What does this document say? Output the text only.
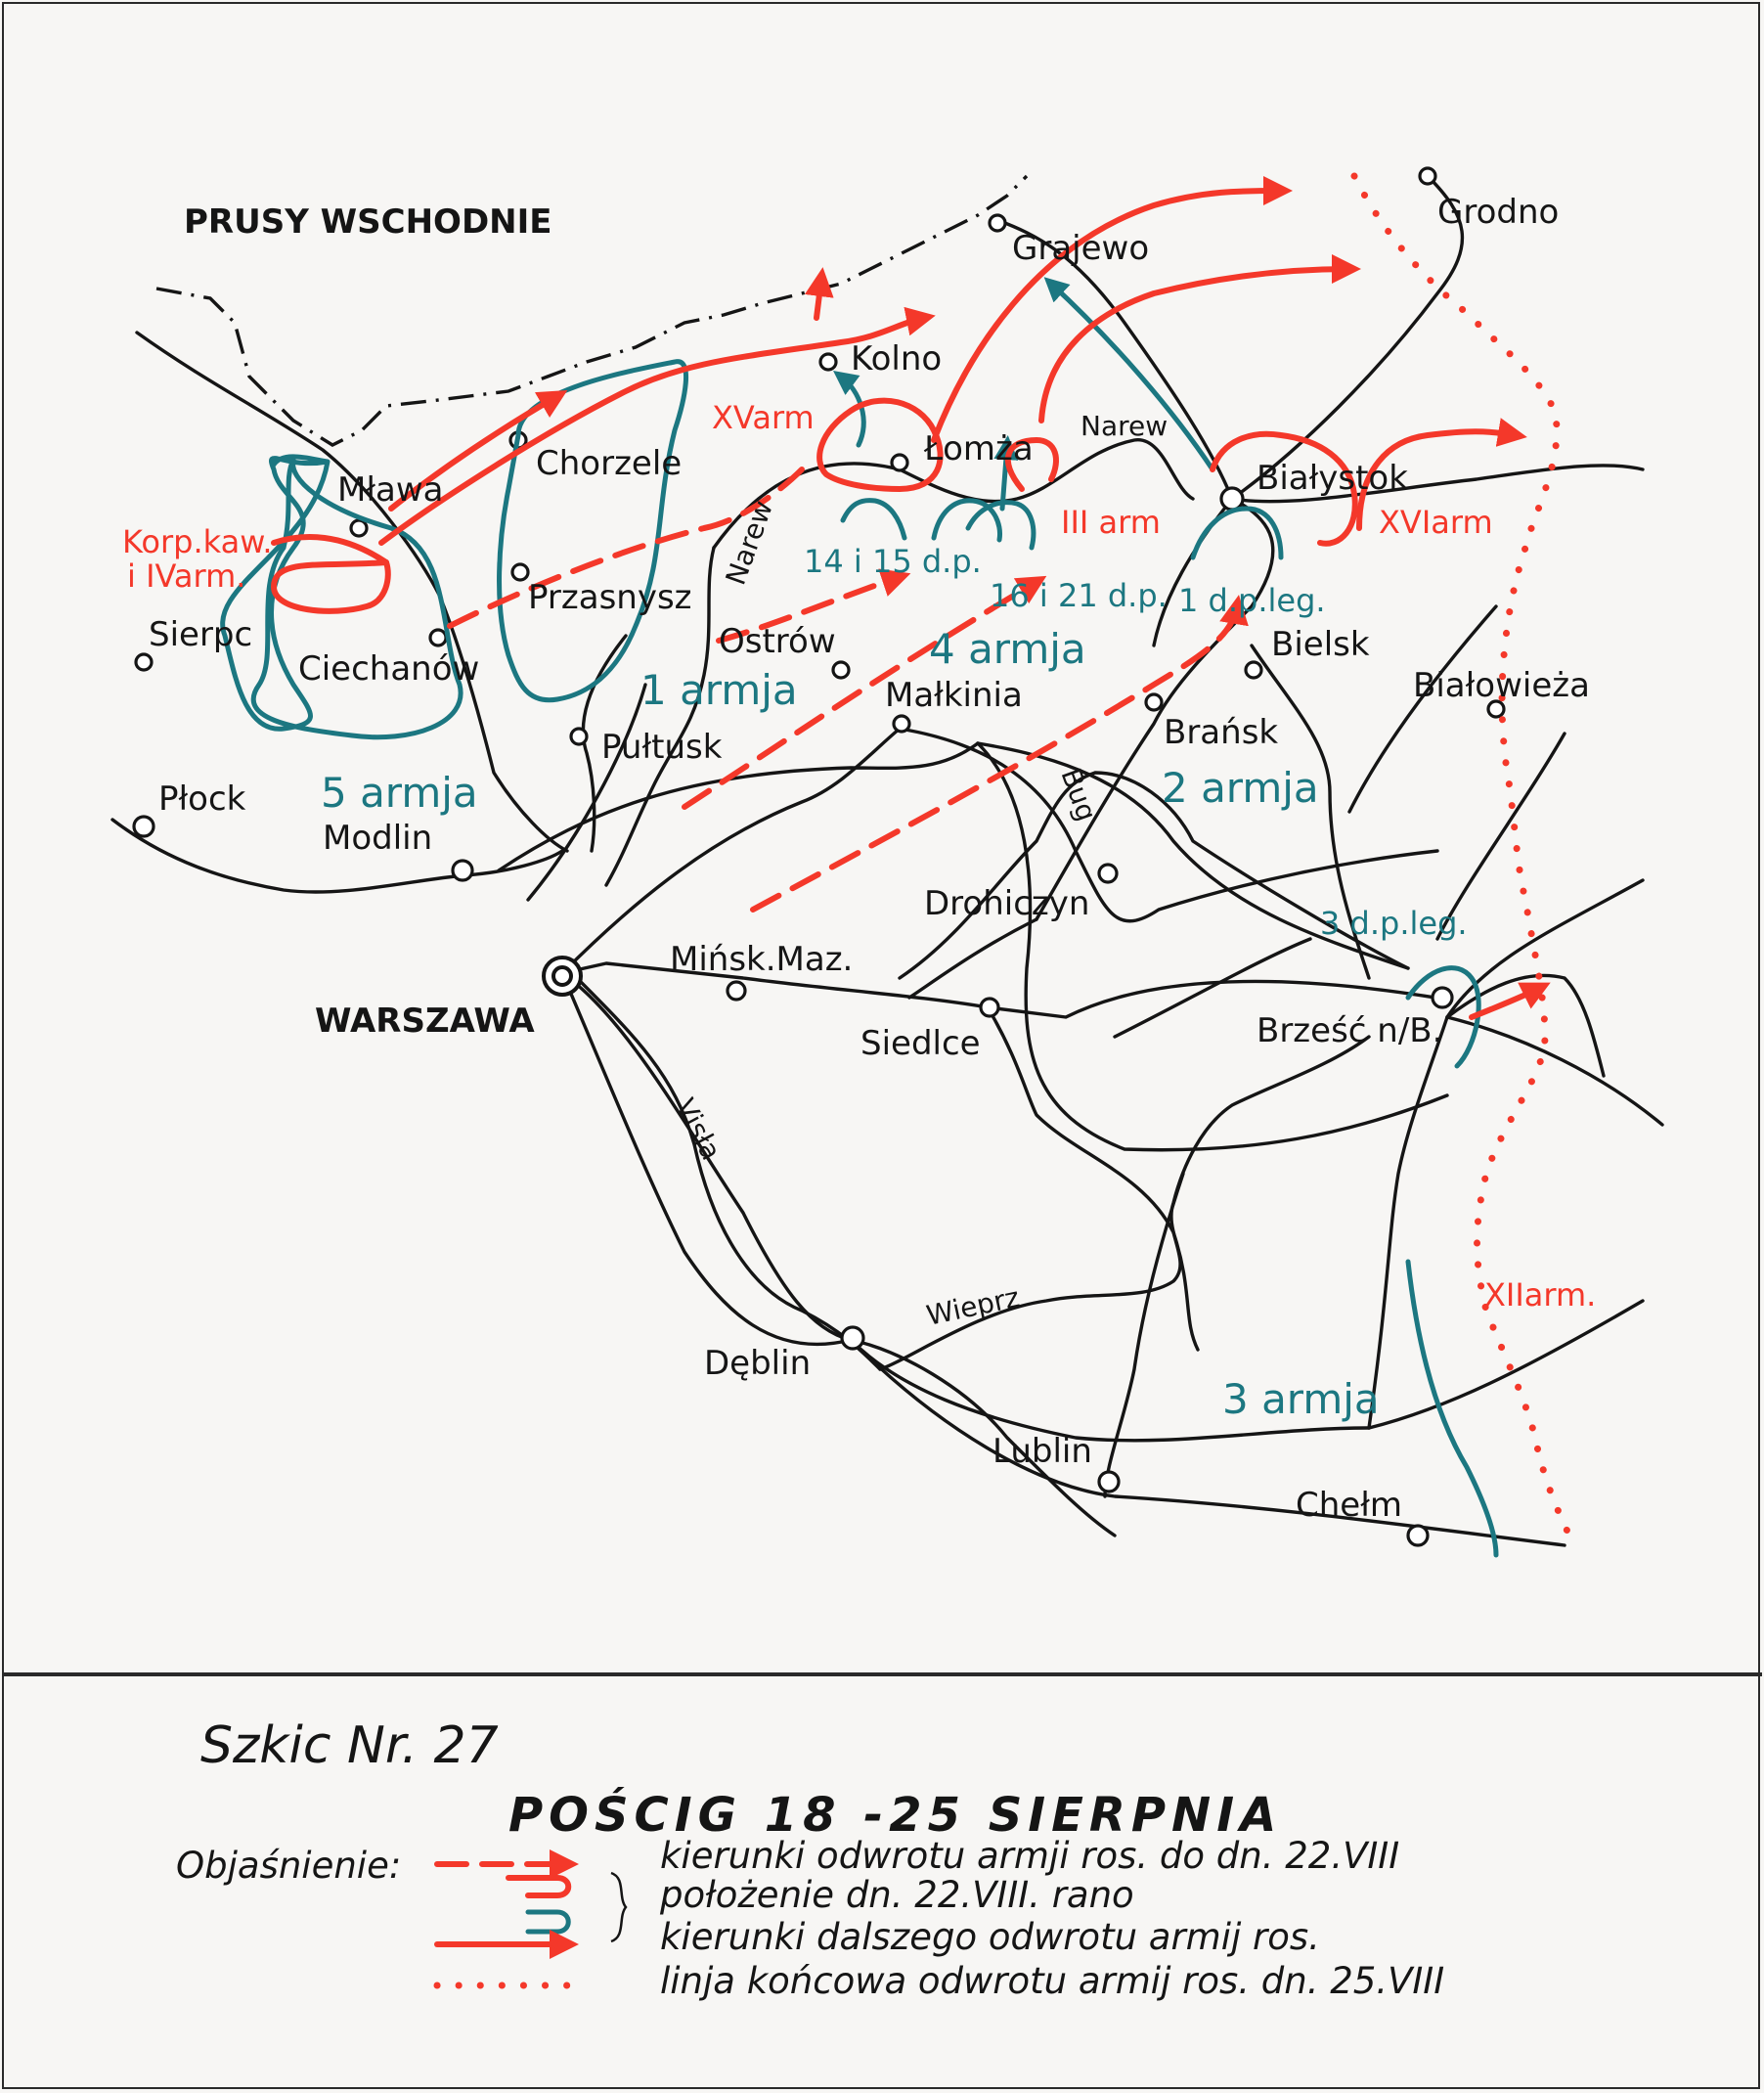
PRUSY WSCHODNIE	Grodno
Grajewo
Kolno
Łomża
Białystok
Chorzele
Mława
Przasnysz
Ostrów
Sierpc
Ciechanów
Bielsk
Białowieża
Małkinia
Pułtusk	Brańsk
Płock
Modlin
Drohiczyn
Mińsk.Maz.
WARSZAWA
Siedlce	Brześć n/B.
Dęblin
Lublin
Chełm
Narew
Narew
Bug
Visła
Wieprz
Korp.kaw.
i IVarm.
XVarm
III arm	XVIarm
XIIarm.
14 i 15 d.p.
16 i 21 d.p. 1 d.p.leg.
3 d.p.leg.
1 armja
4 armja
5 armja	2 armja
3 armja
Szkic Nr. 27
POŚCIG 18 -25 SIERPNIA
Objaśnienie:	kierunki odwrotu armji ros. do dn. 22.VIII
położenie dn. 22.VIII. rano
kierunki dalszego odwrotu armij ros.
linja końcowa odwrotu armij ros. dn. 25.VIII
